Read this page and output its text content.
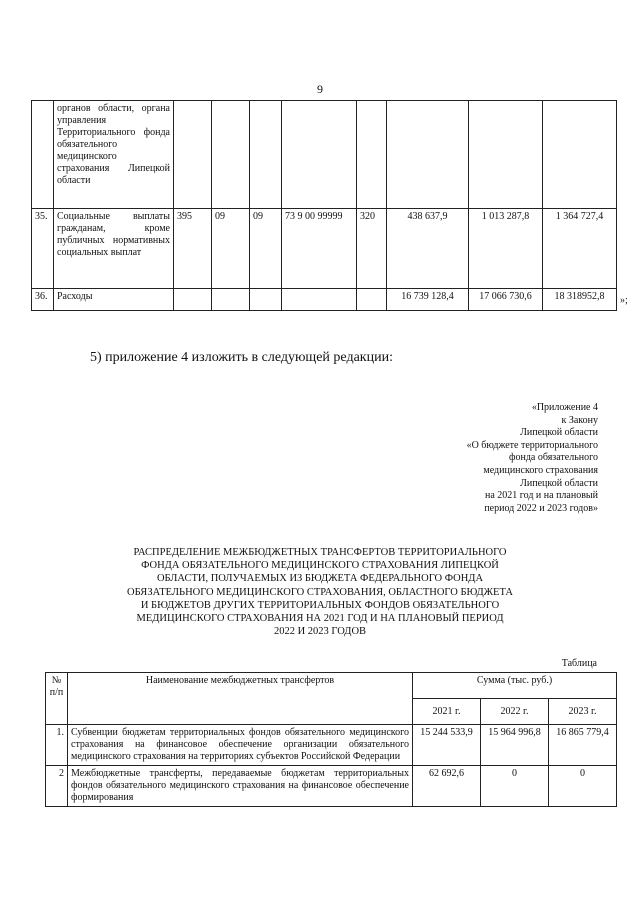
9
	органов области, органа управления Территориального фонда обязательного медицинского страхования Липецкой области								
35.	Социальные выплаты гражданам, кроме публичных нормативных социальных выплат	395	09	09	73 9 00 99999	320	438 637,9	1 013 287,8	1 364 727,4
36.	Расходы						16 739 128,4	17 066 730,6	18 318952,8 »;
5) приложение 4 изложить в следующей редакции:
«Приложение 4
к Закону
Липецкой области
«О бюджете территориального
фонда обязательного
медицинского страхования
Липецкой области
на 2021 год и на плановый
период 2022 и 2023 годов»
РАСПРЕДЕЛЕНИЕ МЕЖБЮДЖЕТНЫХ ТРАНСФЕРТОВ ТЕРРИТОРИАЛЬНОГО
ФОНДА ОБЯЗАТЕЛЬНОГО МЕДИЦИНСКОГО СТРАХОВАНИЯ ЛИПЕЦКОЙ
ОБЛАСТИ, ПОЛУЧАЕМЫХ ИЗ БЮДЖЕТА ФЕДЕРАЛЬНОГО ФОНДА
ОБЯЗАТЕЛЬНОГО МЕДИЦИНСКОГО СТРАХОВАНИЯ, ОБЛАСТНОГО БЮДЖЕТА
И БЮДЖЕТОВ ДРУГИХ ТЕРРИТОРИАЛЬНЫХ ФОНДОВ ОБЯЗАТЕЛЬНОГО
МЕДИЦИНСКОГО СТРАХОВАНИЯ НА 2021 ГОД И НА ПЛАНОВЫЙ ПЕРИОД
2022 И 2023 ГОДОВ
Таблица
№ п/п	Наименование межбюджетных трансфертов	Сумма (тыс. руб.)		
		2021 г.	2022 г.	2023 г.
1.	Субвенции бюджетам территориальных фондов обязательного медицинского страхования на финансовое обеспечение организации обязательного медицинского страхования на территориях субъектов Российской Федерации	15 244 533,9	15 964 996,8	16 865 779,4
2	Межбюджетные трансферты, передаваемые бюджетам территориальных фондов обязательного медицинского страхования на финансовое обеспечение формирования	62 692,6	0	0
